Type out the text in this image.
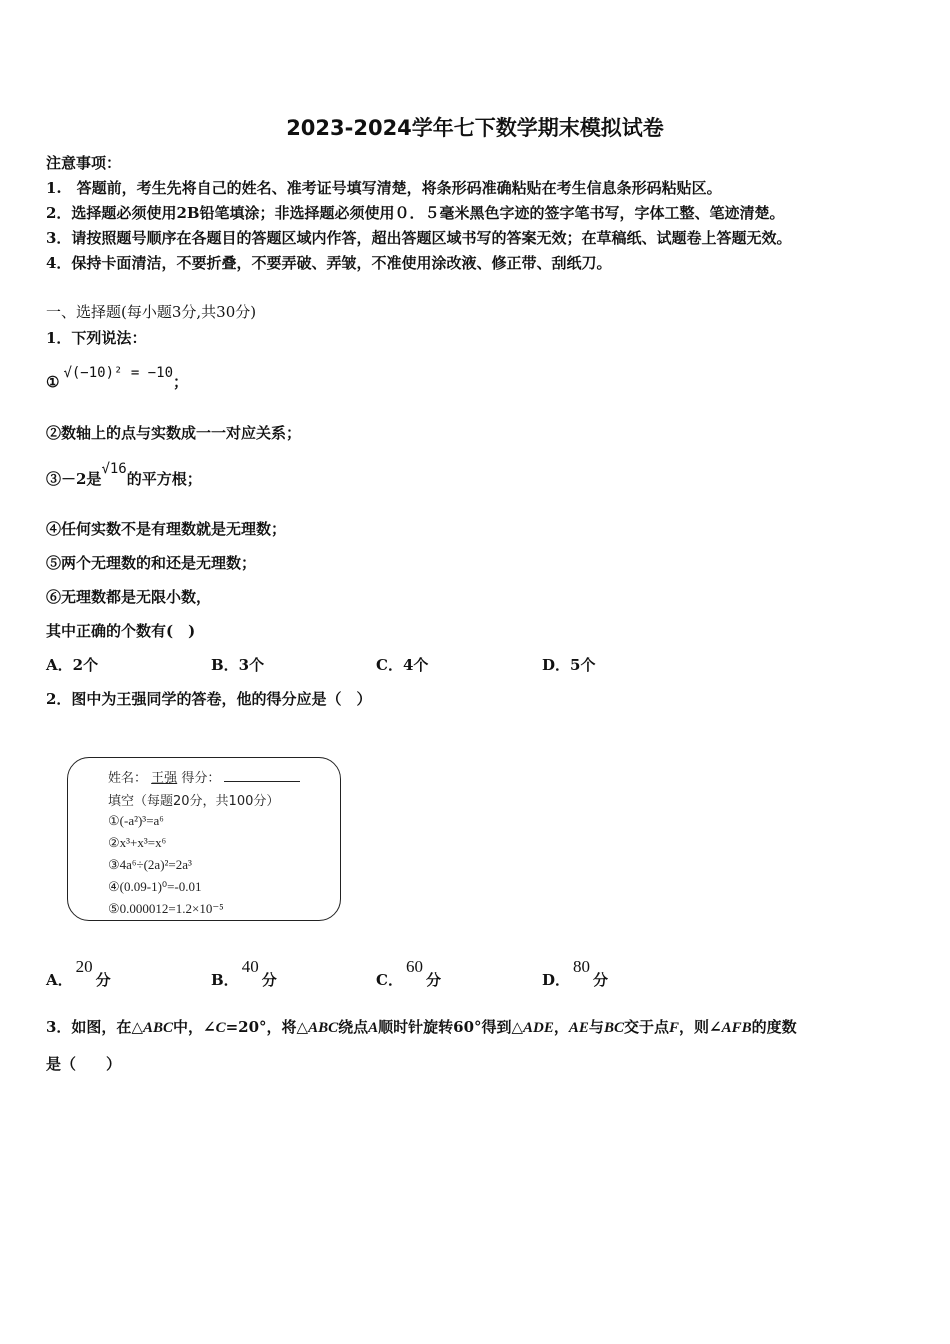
2023-2024学年七下数学期末模拟试卷
注意事项：
1.　答题前，考生先将自己的姓名、准考证号填写清楚，将条形码准确粘贴在考生信息条形码粘贴区。
2．选择题必须使用2B铅笔填涂；非选择题必须使用０．５毫米黑色字迹的签字笔书写，字体工整、笔迹清楚。
3．请按照题号顺序在各题目的答题区域内作答，超出答题区域书写的答案无效；在草稿纸、试题卷上答题无效。
4．保持卡面清洁，不要折叠，不要弄破、弄皱，不准使用涂改液、修正带、刮纸刀。
一、选择题(每小题3分,共30分)
1．下列说法：
① √(−10)² = −10；
②数轴上的点与实数成一一对应关系；
③－2是√16的平方根；
④任何实数不是有理数就是无理数；
⑤两个无理数的和还是无理数；
⑥无理数都是无限小数，
其中正确的个数有(　)
A．2个	B．3个	C．4个	D．5个
2．图中为王强同学的答卷，他的得分应是（　）
姓名： 王强 得分：
填空（每题20分，共100分）
①(-a²)³=a⁶
②x³+x³=x⁶
③4a⁶÷(2a)²=2a³
④(0.09-1)⁰=-0.01
⑤0.000012=1.2×10⁻⁵
A．20分	B．40分	C．60分	D．80分
3．如图，在△ABC中，∠C=20°，将△ABC绕点A顺时针旋转60°得到△ADE，AE与BC交于点F，则∠AFB的度数
是（　　）
